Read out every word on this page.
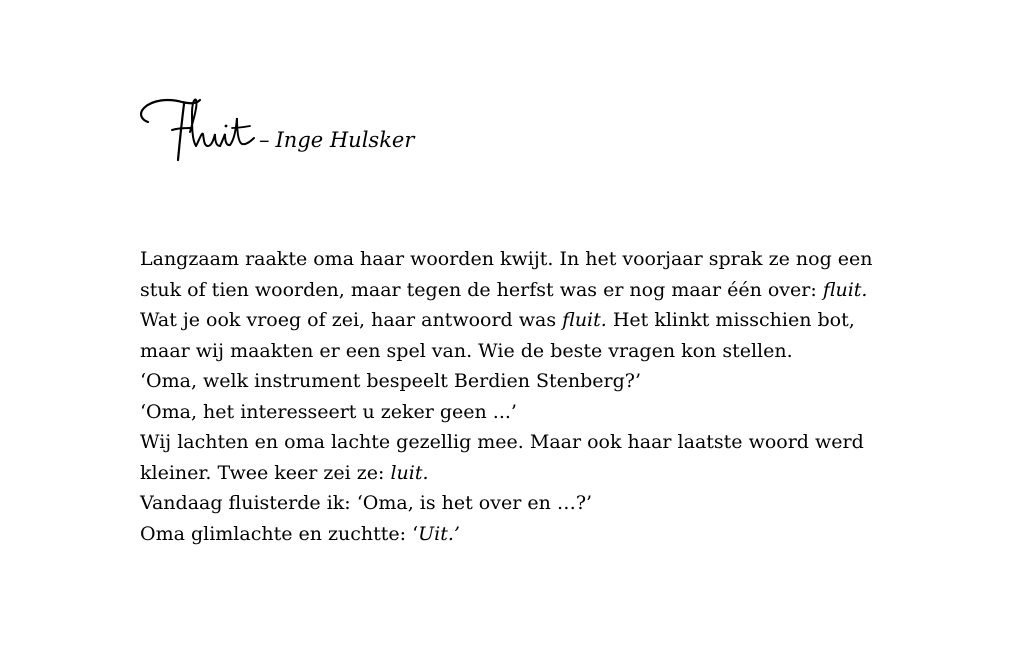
– Inge Hulsker
Langzaam raakte oma haar woorden kwijt. In het voorjaar sprak ze nog een
stuk of tien woorden, maar tegen de herfst was er nog maar één over: fluit.
Wat je ook vroeg of zei, haar antwoord was fluit. Het klinkt misschien bot,
maar wij maakten er een spel van. Wie de beste vragen kon stellen.
‘Oma, welk instrument bespeelt Berdien Stenberg?’
‘Oma, het interesseert u zeker geen ...’
Wij lachten en oma lachte gezellig mee. Maar ook haar laatste woord werd
kleiner. Twee keer zei ze: luit.
Vandaag fluisterde ik: ‘Oma, is het over en …?’
Oma glimlachte en zuchtte: ‘Uit.’
